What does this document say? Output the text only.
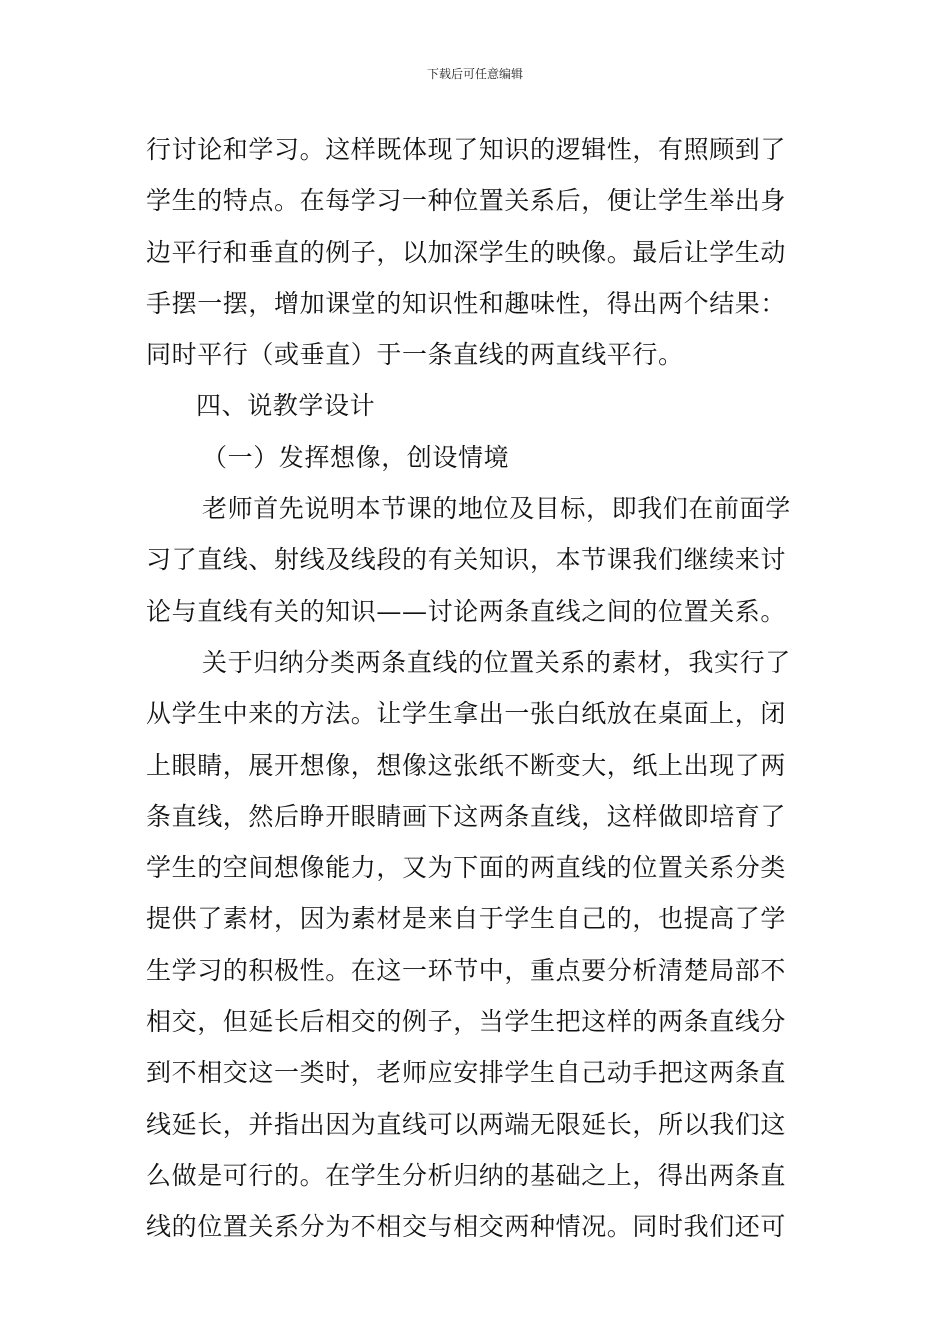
下载后可任意编辑
行讨论和学习。这样既体现了知识的逻辑性，有照顾到了
学生的特点。在每学习一种位置关系后，便让学生举出身
边平行和垂直的例子，以加深学生的映像。最后让学生动
手摆一摆，增加课堂的知识性和趣味性，得出两个结果：
同时平行（或垂直）于一条直线的两直线平行。
四、说教学设计
（一）发挥想像，创设情境
老师首先说明本节课的地位及目标，即我们在前面学
习了直线、射线及线段的有关知识，本节课我们继续来讨
论与直线有关的知识——讨论两条直线之间的位置关系。
关于归纳分类两条直线的位置关系的素材，我实行了
从学生中来的方法。让学生拿出一张白纸放在桌面上，闭
上眼睛，展开想像，想像这张纸不断变大，纸上出现了两
条直线，然后睁开眼睛画下这两条直线，这样做即培育了
学生的空间想像能力，又为下面的两直线的位置关系分类
提供了素材，因为素材是来自于学生自己的，也提高了学
生学习的积极性。在这一环节中，重点要分析清楚局部不
相交，但延长后相交的例子，当学生把这样的两条直线分
到不相交这一类时，老师应安排学生自己动手把这两条直
线延长，并指出因为直线可以两端无限延长，所以我们这
么做是可行的。在学生分析归纳的基础之上，得出两条直
线的位置关系分为不相交与相交两种情况。同时我们还可
